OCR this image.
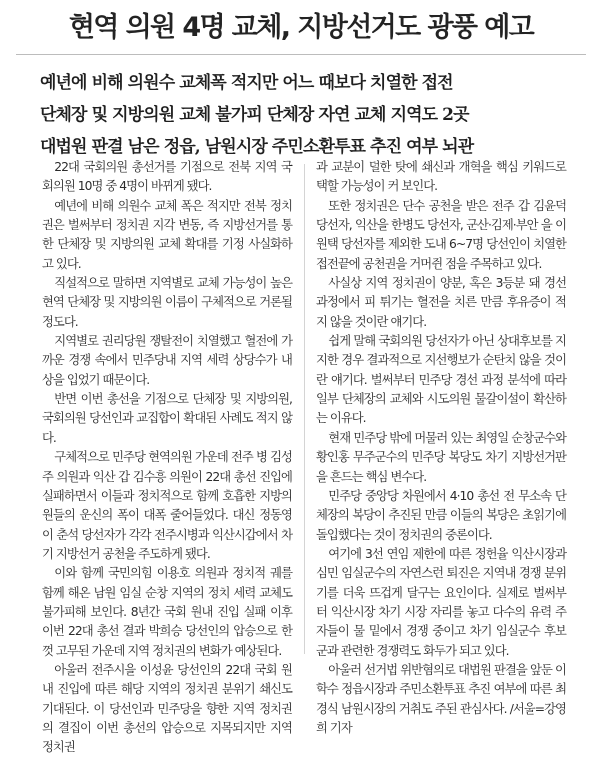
현역 의원 4명 교체, 지방선거도 광풍 예고
예년에 비해 의원수 교체폭 적지만 어느 때보다 치열한 접전
단체장 및 지방의원 교체 불가피 단체장 자연 교체 지역도 2곳
대법원 판결 남은 정읍, 남원시장 주민소환투표 추진 여부 뇌관

22대 국회의원 총선거를 기점으로 전북 지역 국회의원 10명 중 4명이 바뀌게 됐다.

예년에 비해 의원수 교체 폭은 적지만 전북 정치권은 벌써부터 정치권 지각 변동, 즉 지방선거를 통한 단체장 및 지방의원 교체 확대를 기정 사실화하고 있다.

직설적으로 말하면 지역별로 교체 가능성이 높은 현역 단체장 및 지방의원 이름이 구체적으로 거론될 정도다.

지역별로 권리당원 쟁탈전이 치열했고 혈전에 가까운 경쟁 속에서 민주당내 지역 세력 상당수가 내상을 입었기 때문이다.

반면 이번 총선을 기점으로 단체장 및 지방의원, 국회의원 당선인과 교집합이 확대된 사례도 적지 않다.

구체적으로 민주당 현역의원 가운데 전주 병 김성주 의원과 익산 갑 김수흥 의원이 22대 총선 진입에 실패하면서 이들과 정치적으로 함께 호흡한 지방의원들의 운신의 폭이 대폭 줄어들었다. 대신 정동영이 춘석 당선자가 각각 전주시병과 익산시갑에서 차기 지방선거 공천을 주도하게 됐다.

이와 함께 국민의힘 이용호 의원과 정치적 궤를 함께 해온 남원 임실 순창 지역의 정치 세력 교체도 불가피해 보인다. 8년간 국회 원내 진입 실패 이후 이번 22대 총선 결과 박희승 당선인의 압승으로 한껏 고무된 가운데 지역 정치권의 변화가 예상된다.

아울러 전주시을 이성윤 당선인의 22대 국회 원내 진입에 따른 해당 지역의 정치권 분위기 쇄신도 기대된다. 이 당선인과 민주당을 향한 지역 정치권의 결집이 이번 총선의 압승으로 지목되지만 지역 정치권

과 교분이 덜한 탓에 쇄신과 개혁을 핵심 키워드로 택할 가능성이 커 보인다.

또한 정치권은 단수 공천을 받은 전주 갑 김윤덕 당선자, 익산을 한병도 당선자, 군산·김제·부안 을 이원택 당선자를 제외한 도내 6~7명 당선인이 치열한 접전끝에 공천권을 거머쥔 점을 주목하고 있다.

사실상 지역 정치권이 양분, 혹은 3등분 돼 경선과정에서 피 튀기는 혈전을 치른 만큼 후유증이 적지 않을 것이란 얘기다.

쉽게 말해 국회의원 당선자가 아닌 상대후보를 지지한 경우 결과적으로 지선행보가 순탄치 않을 것이란 얘기다. 벌써부터 민주당 경선 과정 분석에 따라 일부 단체장의 교체와 시도의원 물갈이설이 확산하는 이유다.

현재 민주당 밖에 머물러 있는 최영일 순창군수와 황인홍 무주군수의 민주당 복당도 차기 지방선거판을 흔드는 핵심 변수다.

민주당 중앙당 차원에서 4·10 총선 전 무소속 단체장의 복당이 추진된 만큼 이들의 복당은 초읽기에 돌입했다는 것이 정치권의 중론이다.

여기에 3선 연임 제한에 따른 정헌율 익산시장과 심민 임실군수의 자연스런 퇴진은 지역내 경쟁 분위기를 더욱 뜨겁게 달구는 요인이다. 실제로 벌써부터 익산시장 차기 시장 자리를 놓고 다수의 유력 주자들이 물 밑에서 경쟁 중이고 차기 임실군수 후보군과 관련한 경쟁력도 화두가 되고 있다.

아울러 선거법 위반혐의로 대법원 판결을 앞둔 이학수 정읍시장과 주민소환투표 추진 여부에 따른 최경식 남원시장의 거취도 주된 관심사다. /서울=강영희 기자
